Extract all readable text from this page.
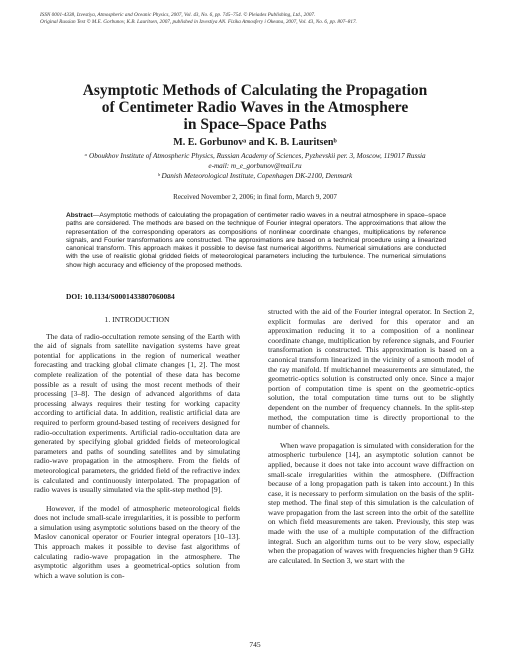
ISSN 0001-4338, Izvestiya, Atmospheric and Oceanic Physics, 2007, Vol. 43, No. 6, pp. 745–754. © Pleiades Publishing, Ltd., 2007.
Original Russian Text © M.E. Gorbunov, K.B. Lauritsen, 2007, published in Izvestiya AN. Fizika Atmosfery i Okeana, 2007, Vol. 43, No. 6, pp. 807–817.
Asymptotic Methods of Calculating the Propagation
of Centimeter Radio Waves in the Atmosphere
in Space–Space Paths
M. E. Gorbunovᵃ and K. B. Lauritsenᵇ
ᵃ Oboukhov Institute of Atmospheric Physics, Russian Academy of Sciences, Pyzhevskii per. 3, Moscow, 119017 Russia
e-mail: m_e_gorbunov@mail.ru
ᵇ Danish Meteorological Institute, Copenhagen DK-2100, Denmark
Received November 2, 2006; in final form, March 9, 2007
Abstract—Asymptotic methods of calculating the propagation of centimeter radio waves in a neutral atmosphere in space–space paths are considered. The methods are based on the technique of Fourier integral operators. The approximations that allow the representation of the corresponding operators as compositions of nonlinear coordinate changes, multiplications by reference signals, and Fourier transformations are constructed. The approximations are based on a technical procedure using a linearized canonical transform. This approach makes it possible to devise fast numerical algorithms. Numerical simulations are conducted with the use of realistic global gridded fields of meteorological parameters including the turbulence. The numerical simulations show high accuracy and efficiency of the proposed methods.
DOI: 10.1134/S0001433807060084
1. INTRODUCTION

The data of radio-occultation remote sensing of the Earth with the aid of signals from satellite navigation systems have great potential for applications in the region of numerical weather forecasting and tracking global climate changes [1, 2]. The most complete realization of the potential of these data has become possible as a result of using the most recent methods of their processing [3–8]. The design of advanced algorithms of data processing always requires their testing for working capacity according to artificial data. In addition, realistic artificial data are required to perform ground-based testing of receivers designed for radio-occultation experiments. Artificial radio-occultation data are generated by specifying global gridded fields of meteorological parameters and paths of sounding satellites and by simulating radio-wave propagation in the atmosphere. From the fields of meteorological parameters, the gridded field of the refractive index is calculated and continuously interpolated. The propagation of radio waves is usually simulated via the split-step method [9].

However, if the model of atmospheric meteorological fields does not include small-scale irregularities, it is possible to perform a simulation using asymptotic solutions based on the theory of the Maslov canonical operator or Fourier integral operators [10–13]. This approach makes it possible to devise fast algorithms of calculating radio-wave propagation in the atmosphere. The asymptotic algorithm uses a geometrical-optics solution from which a wave solution is con-

structed with the aid of the Fourier integral operator. In Section 2, explicit formulas are derived for this operator and an approximation reducing it to a composition of a nonlinear coordinate change, multiplication by reference signals, and Fourier transformation is constructed. This approximation is based on a canonical transform linearized in the vicinity of a smooth model of the ray manifold. If multichannel measurements are simulated, the geometric-optics solution is constructed only once. Since a major portion of computation time is spent on the geometric-optics solution, the total computation time turns out to be slightly dependent on the number of frequency channels. In the split-step method, the computation time is directly proportional to the number of channels.

When wave propagation is simulated with consideration for the atmospheric turbulence [14], an asymptotic solution cannot be applied, because it does not take into account wave diffraction on small-scale irregularities within the atmosphere. (Diffraction because of a long propagation path is taken into account.) In this case, it is necessary to perform simulation on the basis of the split-step method. The final step of this simulation is the calculation of wave propagation from the last screen into the orbit of the satellite on which field measurements are taken. Previously, this step was made with the use of a multiple computation of the diffraction integral. Such an algorithm turns out to be very slow, especially when the propagation of waves with frequencies higher than 9 GHz are calculated. In Section 3, we start with the

745
